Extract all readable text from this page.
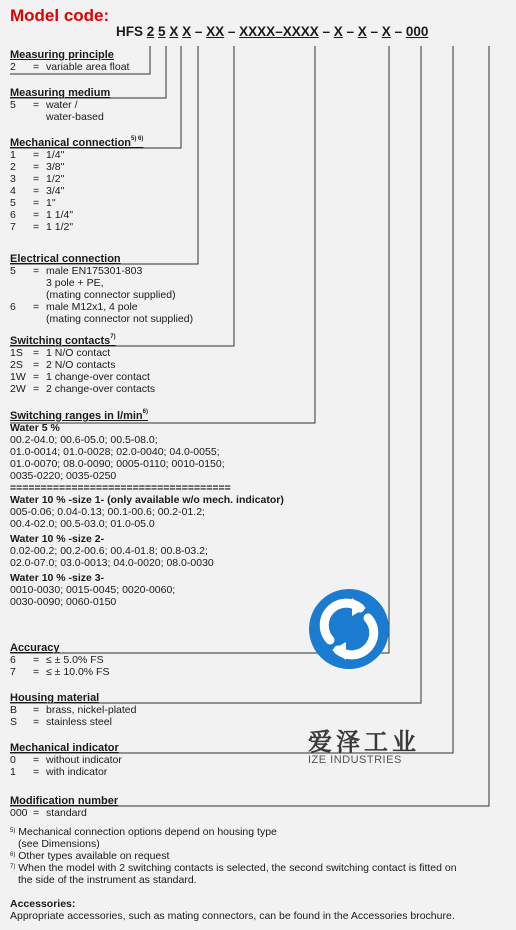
爱泽工业
IZE INDUSTRIES
Model code:
HFS 2 5 X X – XX – XXXX–XXXX – X – X – X – 000
Measuring principle
2	= variable area float
Measuring medium
5	= water /
water-based
Mechanical connection$^{5) 6)}$
1	= 1/4"
2	= 3/8"
3	= 1/2"
4	= 3/4"
5	= 1"
6	= 1 1/4"
7	= 1 1/2"
Electrical connection
5	= male EN175301-803
3 pole + PE,
(mating connector supplied)
6	= male M12x1, 4 pole
(mating connector not supplied)
Switching contacts$^{7)}$
1S = 1 N/O contact
2S = 2 N/O contacts
1W = 1 change-over contact
2W = 2 change-over contacts
Switching ranges in $l/\min^{6)}$
Water 5 %
00.2-04.0; 00.6-05.0; 00.5-08.0;
01.0-0014; 01.0-0028; 02.0-0040; 04.0-0055;
01.0-0070; 08.0-0090; 0005-0110; 0010-0150;
0035-0220; 0035-0250
====================================
Water 10 % -size 1- (only available w/o mech. indicator)
005-0.06; 0.04-0.13; 00.1-00.6; 00.2-01.2;
00.4-02.0; 00.5-03.0; 01.0-05.0
Water 10 % -size 2-
0.02-00.2; 00.2-00.6; 00.4-01.8; 00.8-03.2;
02.0-07.0; 03.0-0013; 04.0-0020; 08.0-0030
Water 10 % -size 3-
0010-0030; 0015-0045; 0020-0060;
0030-0090; 0060-0150
Accuracy
6	= ≤ ± 5.0% FS
7	= ≤ ± 10.0% FS
Housing material
B	= brass, nickel-plated
S	= stainless steel
Mechanical indicator
0	= without indicator
1	= with indicator
Modification number
000 = standard
$^{5)}$ Mechanical connection options depend on housing type
(see Dimensions)
$^{6)}$ Other types available on request
$^{7)}$ When the model with 2 switching contacts is selected, the second switching contact is fitted on
the side of the instrument as standard.
Accessories:
Appropriate accessories, such as mating connectors, can be found in the Accessories brochure.
